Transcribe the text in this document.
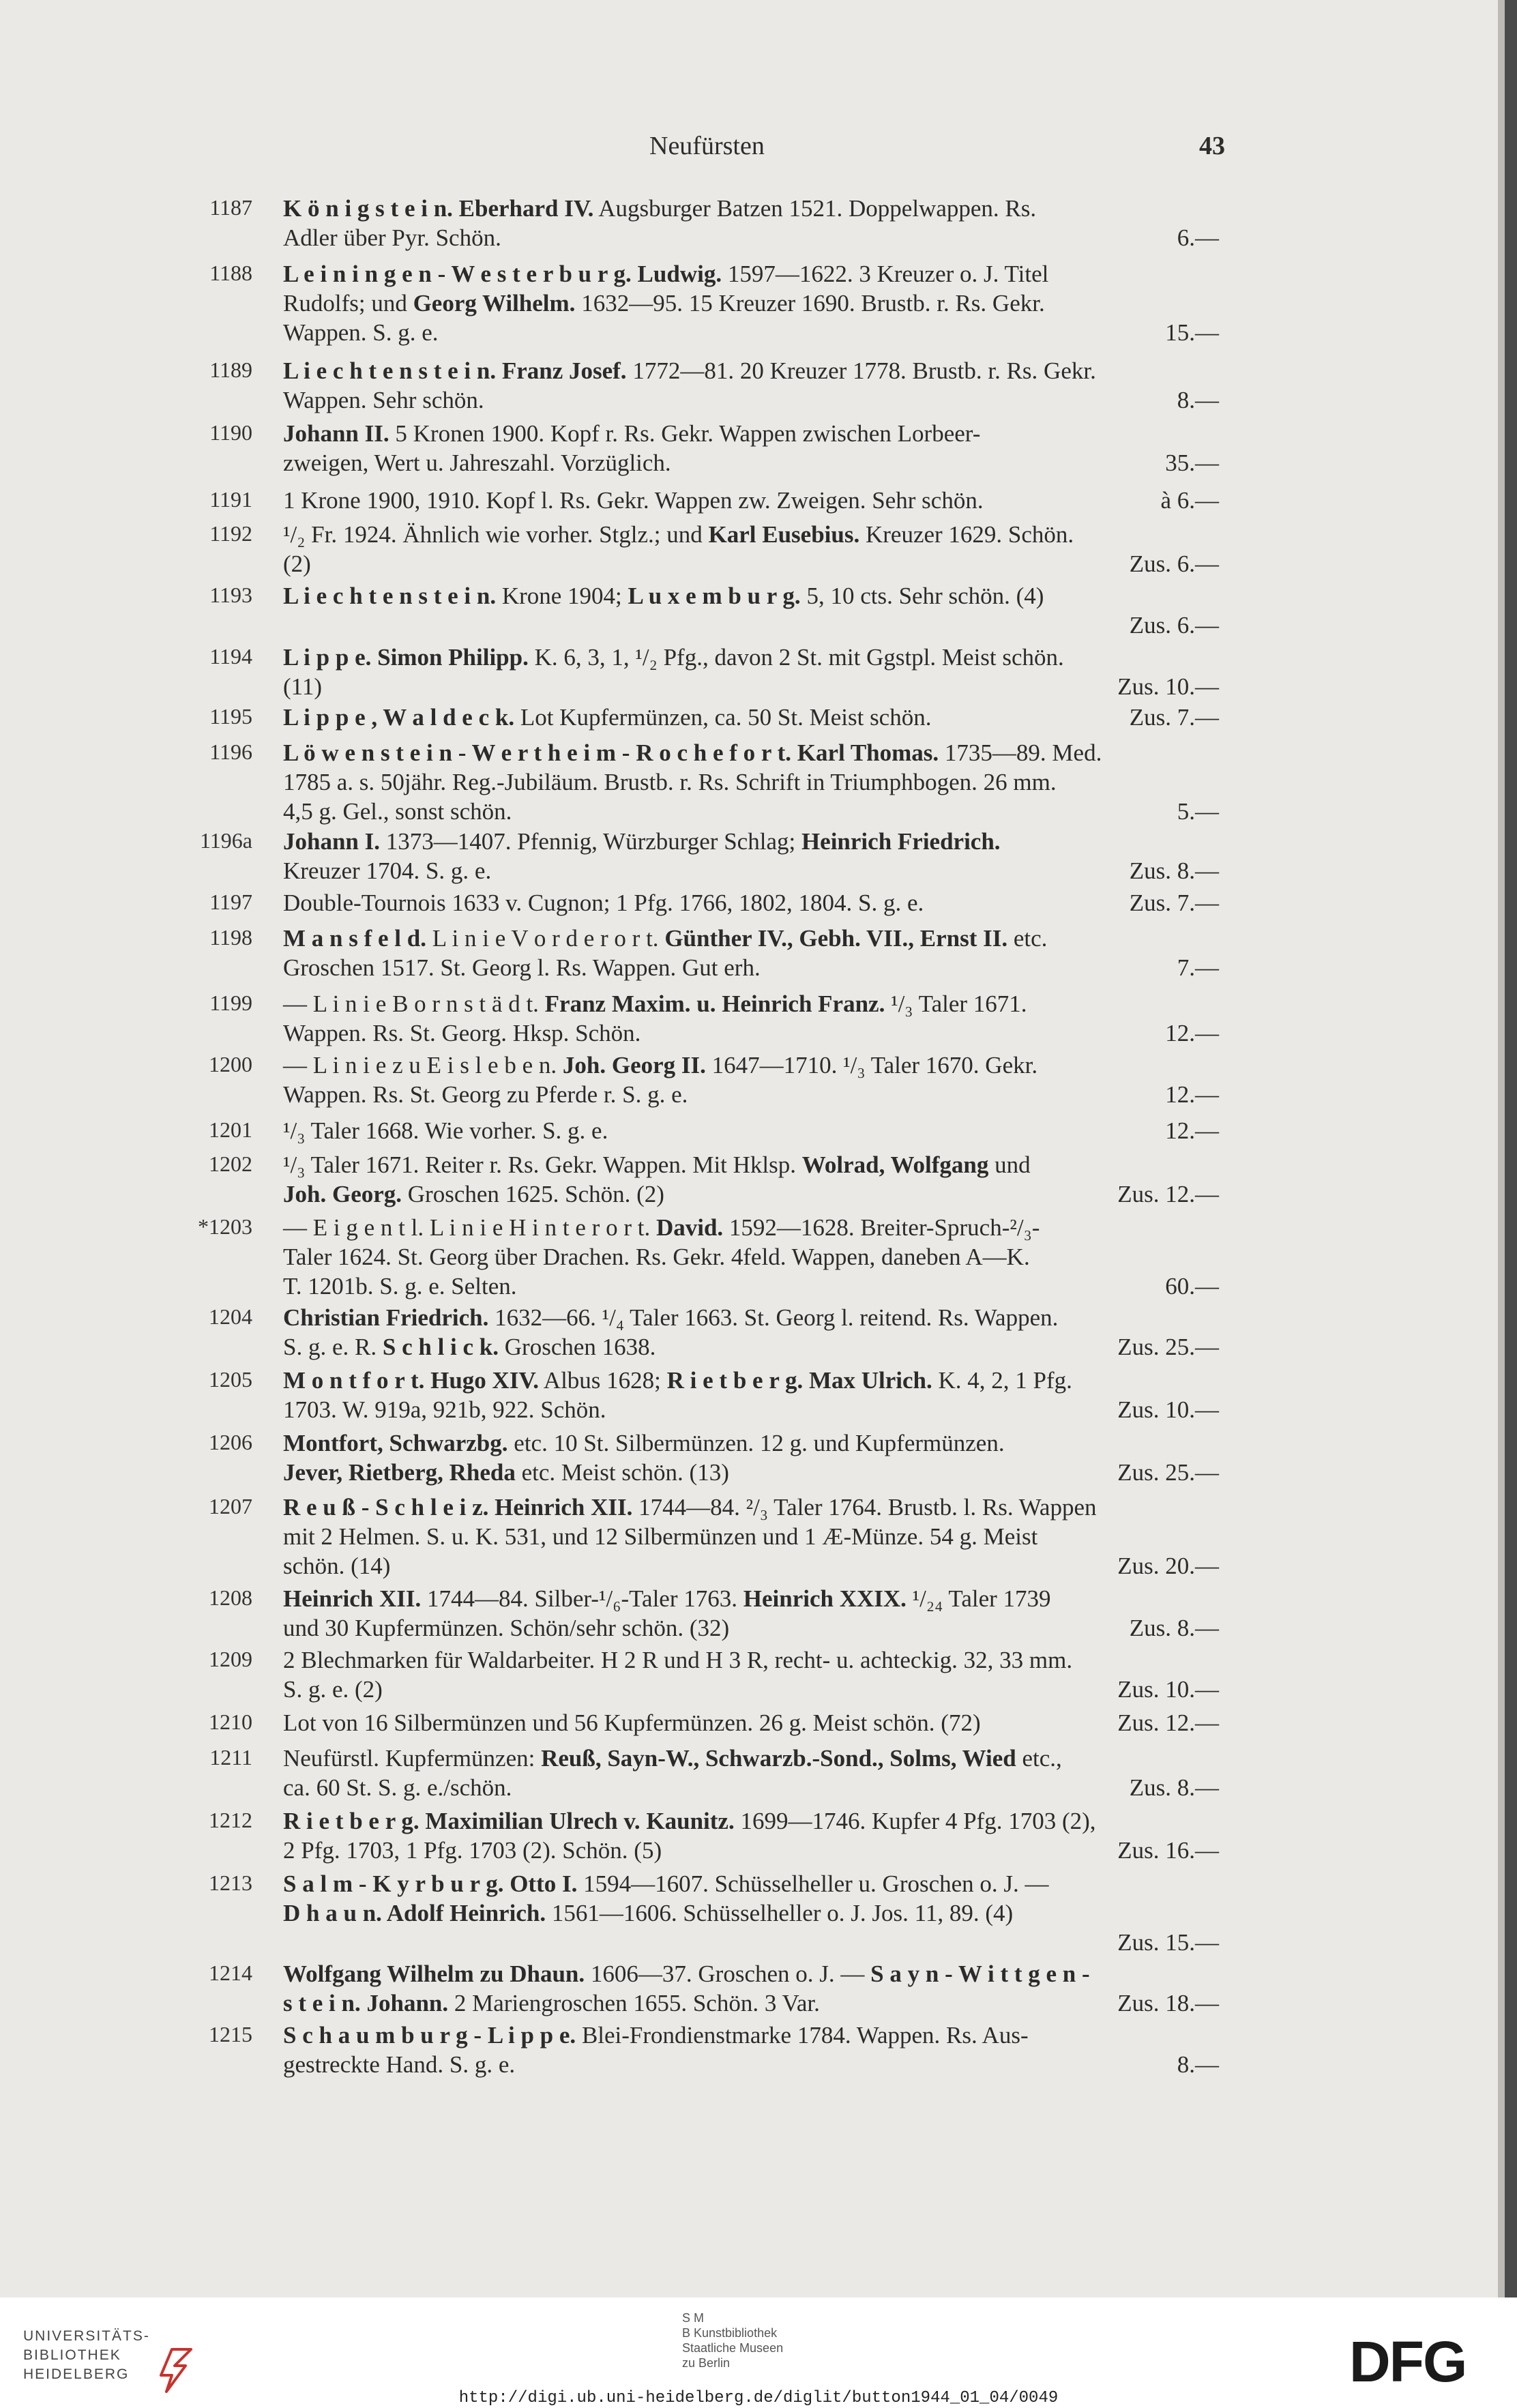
Neufürsten	43
1187 K ö n i g s t e i n. Eberhard IV. Augsburger Batzen 1521. Doppelwappen. Rs.
Adler über Pyr. Schön.	6.—
1188 L e i n i n g e n - W e s t e r b u r g. Ludwig. 1597—1622. 3 Kreuzer o. J. Titel
Rudolfs; und Georg Wilhelm. 1632—95. 15 Kreuzer 1690. Brustb. r. Rs. Gekr.
Wappen. S. g. e.	15.—
1189 L i e c h t e n s t e i n. Franz Josef. 1772—81. 20 Kreuzer 1778. Brustb. r. Rs. Gekr.
Wappen. Sehr schön.	8.—
1190 Johann II. 5 Kronen 1900. Kopf r. Rs. Gekr. Wappen zwischen Lorbeer-
zweigen, Wert u. Jahreszahl. Vorzüglich.	35.—
1191 1 Krone 1900, 1910. Kopf l. Rs. Gekr. Wappen zw. Zweigen. Sehr schön.	à 6.—
1192 ¹/₂ Fr. 1924. Ähnlich wie vorher. Stglz.; und Karl Eusebius. Kreuzer 1629. Schön.
(2)	Zus. 6.—
1193 L i e c h t e n s t e i n. Krone 1904; L u x e m b u r g. 5, 10 cts. Sehr schön. (4)
Zus. 6.—
1194 L i p p e. Simon Philipp. K. 6, 3, 1, ¹/₂ Pfg., davon 2 St. mit Ggstpl. Meist schön.
(11)	Zus. 10.—
1195 L i p p e , W a l d e c k. Lot Kupfermünzen, ca. 50 St. Meist schön.	Zus. 7.—
1196 L ö w e n s t e i n - W e r t h e i m - R o c h e f o r t. Karl Thomas. 1735—89. Med.
1785 a. s. 50jähr. Reg.-Jubiläum. Brustb. r. Rs. Schrift in Triumphbogen. 26 mm.
4,5 g. Gel., sonst schön.	5.—
1196a Johann I. 1373—1407. Pfennig, Würzburger Schlag; Heinrich Friedrich.
Kreuzer 1704. S. g. e.	Zus. 8.—
1197 Double-Tournois 1633 v. Cugnon; 1 Pfg. 1766, 1802, 1804. S. g. e.	Zus. 7.—
1198 M a n s f e l d. L i n i e V o r d e r o r t. Günther IV., Gebh. VII., Ernst II. etc.
Groschen 1517. St. Georg l. Rs. Wappen. Gut erh.	7.—
1199 — L i n i e B o r n s t ä d t. Franz Maxim. u. Heinrich Franz. ¹/₃ Taler 1671.
Wappen. Rs. St. Georg. Hksp. Schön.	12.—
1200 — L i n i e z u E i s l e b e n. Joh. Georg II. 1647—1710. ¹/₃ Taler 1670. Gekr.
Wappen. Rs. St. Georg zu Pferde r. S. g. e.	12.—
1201 ¹/₃ Taler 1668. Wie vorher. S. g. e.	12.—
1202 ¹/₃ Taler 1671. Reiter r. Rs. Gekr. Wappen. Mit Hklsp. Wolrad, Wolfgang und
Joh. Georg. Groschen 1625. Schön. (2)	Zus. 12.—
*1203 — E i g e n t l. L i n i e H i n t e r o r t. David. 1592—1628. Breiter-Spruch-²/₃-
Taler 1624. St. Georg über Drachen. Rs. Gekr. 4feld. Wappen, daneben A—K.
T. 1201b. S. g. e. Selten.	60.—
1204 Christian Friedrich. 1632—66. ¹/₄ Taler 1663. St. Georg l. reitend. Rs. Wappen.
S. g. e. R. S c h l i c k. Groschen 1638.	Zus. 25.—
1205 M o n t f o r t. Hugo XIV. Albus 1628; R i e t b e r g. Max Ulrich. K. 4, 2, 1 Pfg.
1703. W. 919a, 921b, 922. Schön.	Zus. 10.—
1206 Montfort, Schwarzbg. etc. 10 St. Silbermünzen. 12 g. und Kupfermünzen.
Jever, Rietberg, Rheda etc. Meist schön. (13)	Zus. 25.—
1207 R e u ß - S c h l e i z. Heinrich XII. 1744—84. ²/₃ Taler 1764. Brustb. l. Rs. Wappen
mit 2 Helmen. S. u. K. 531, und 12 Silbermünzen und 1 Æ-Münze. 54 g. Meist
schön. (14)	Zus. 20.—
1208 Heinrich XII. 1744—84. Silber-¹/₆-Taler 1763. Heinrich XXIX. ¹/₂₄ Taler 1739
und 30 Kupfermünzen. Schön/sehr schön. (32)	Zus. 8.—
1209 2 Blechmarken für Waldarbeiter. H 2 R und H 3 R, recht- u. achteckig. 32, 33 mm.
S. g. e. (2)	Zus. 10.—
1210 Lot von 16 Silbermünzen und 56 Kupfermünzen. 26 g. Meist schön. (72)	Zus. 12.—
1211 Neufürstl. Kupfermünzen: Reuß, Sayn-W., Schwarzb.-Sond., Solms, Wied etc.,
ca. 60 St. S. g. e./schön.	Zus. 8.—
1212 R i e t b e r g. Maximilian Ulrech v. Kaunitz. 1699—1746. Kupfer 4 Pfg. 1703 (2),
2 Pfg. 1703, 1 Pfg. 1703 (2). Schön. (5)	Zus. 16.—
1213 S a l m - K y r b u r g. Otto I. 1594—1607. Schüsselheller u. Groschen o. J. —
D h a u n. Adolf Heinrich. 1561—1606. Schüsselheller o. J. Jos. 11, 89. (4)
Zus. 15.—
1214 Wolfgang Wilhelm zu Dhaun. 1606—37. Groschen o. J. — S a y n - W i t t g e n -
s t e i n. Johann. 2 Mariengroschen 1655. Schön. 3 Var.	Zus. 18.—
1215 S c h a u m b u r g - L i p p e. Blei-Frondienstmarke 1784. Wappen. Rs. Aus-
gestreckte Hand. S. g. e.	8.—
UNIVERSITÄTS-
BIBLIOTHEK
HEIDELBERG
S M
B Kunstbibliothek
Staatliche Museen
zu Berlin	DFG
http://digi.ub.uni-heidelberg.de/diglit/button1944_01_04/0049
